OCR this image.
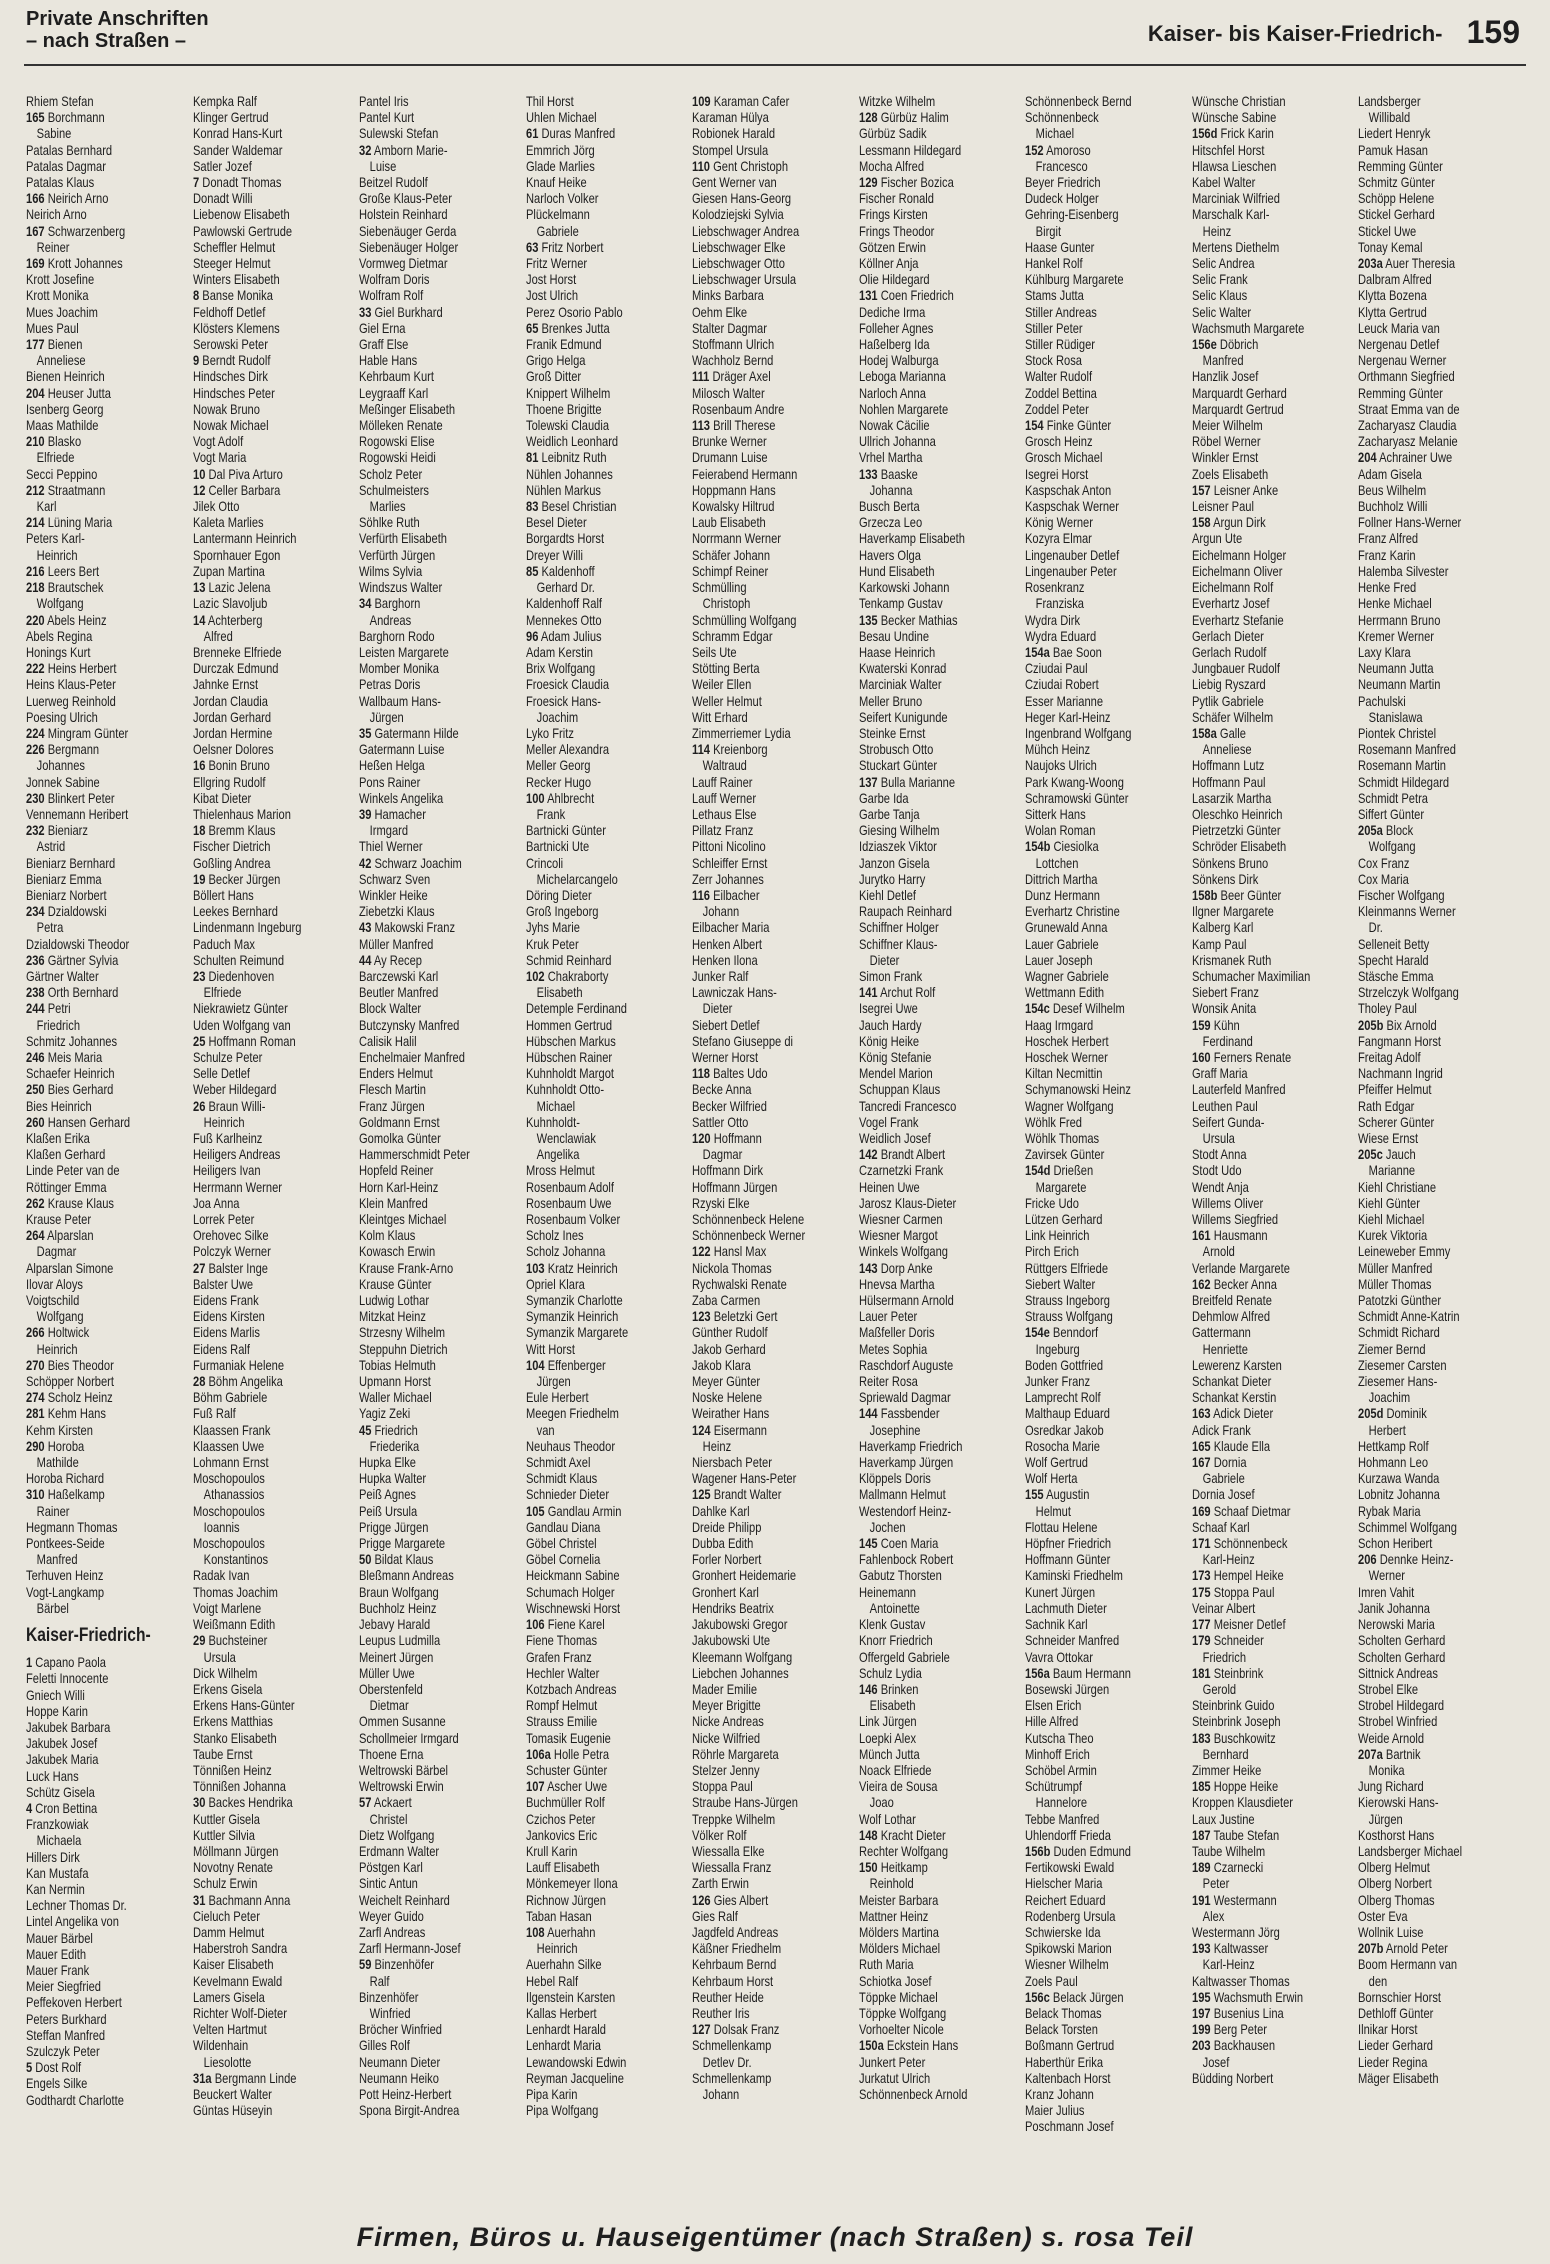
Private Anschriften
– nach Straßen –	Kaiser- bis Kaiser-Friedrich- 159
Rhiem Stefan
165 Borchmann
Sabine
Patalas Bernhard
Patalas Dagmar
Patalas Klaus
166 Neirich Arno
Neirich Arno
167 Schwarzenberg
Reiner
169 Krott Johannes
Krott Josefine
Krott Monika
Mues Joachim
Mues Paul
177 Bienen
Anneliese
Bienen Heinrich
204 Heuser Jutta
Isenberg Georg
Maas Mathilde
210 Blasko
Elfriede
Secci Peppino
212 Straatmann
Karl
214 Lüning Maria
Peters Karl-
Heinrich
216 Leers Bert
218 Brautschek
Wolfgang
220 Abels Heinz
Abels Regina
Honings Kurt
222 Heins Herbert
Heins Klaus-Peter
Luerweg Reinhold
Poesing Ulrich
224 Mingram Günter
226 Bergmann
Johannes
Jonnek Sabine
230 Blinkert Peter
Vennemann Heribert
232 Bieniarz
Astrid
Bieniarz Bernhard
Bieniarz Emma
Bieniarz Norbert
234 Dzialdowski
Petra
Dzialdowski Theodor
236 Gärtner Sylvia
Gärtner Walter
238 Orth Bernhard
244 Petri
Friedrich
Schmitz Johannes
246 Meis Maria
Schaefer Heinrich
250 Bies Gerhard
Bies Heinrich
260 Hansen Gerhard
Klaßen Erika
Klaßen Gerhard
Linde Peter van de
Röttinger Emma
262 Krause Klaus
Krause Peter
264 Alparslan
Dagmar
Alparslan Simone
Ilovar Aloys
Voigtschild
Wolfgang
266 Holtwick
Heinrich
270 Bies Theodor
Schöpper Norbert
274 Scholz Heinz
281 Kehm Hans
Kehm Kirsten
290 Horoba
Mathilde
Horoba Richard
310 Haßelkamp
Rainer
Hegmann Thomas
Pontkees-Seide
Manfred
Terhuven Heinz
Vogt-Langkamp
Bärbel
Kaiser-Friedrich-
1 Capano Paola
Feletti Innocente
Gniech Willi
Hoppe Karin
Jakubek Barbara
Jakubek Josef
Jakubek Maria
Luck Hans
Schütz Gisela
4 Cron Bettina
Franzkowiak
Michaela
Hillers Dirk
Kan Mustafa
Kan Nermin
Lechner Thomas Dr.
Lintel Angelika von
Mauer Bärbel
Mauer Edith
Mauer Frank
Meier Siegfried
Peffekoven Herbert
Peters Burkhard
Steffan Manfred
Szulczyk Peter
5 Dost Rolf
Engels Silke
Godthardt Charlotte
Kempka Ralf
Klinger Gertrud
Konrad Hans-Kurt
Sander Waldemar
Satler Jozef
7 Donadt Thomas
Donadt Willi
Liebenow Elisabeth
Pawlowski Gertrude
Scheffler Helmut
Steeger Helmut
Winters Elisabeth
8 Banse Monika
Feldhoff Detlef
Klösters Klemens
Serowski Peter
9 Berndt Rudolf
Hindsches Dirk
Hindsches Peter
Nowak Bruno
Nowak Michael
Vogt Adolf
Vogt Maria
10 Dal Piva Arturo
12 Celler Barbara
Jilek Otto
Kaleta Marlies
Lantermann Heinrich
Spornhauer Egon
Zupan Martina
13 Lazic Jelena
Lazic Slavoljub
14 Achterberg
Alfred
Brenneke Elfriede
Durczak Edmund
Jahnke Ernst
Jordan Claudia
Jordan Gerhard
Jordan Hermine
Oelsner Dolores
16 Bonin Bruno
Ellgring Rudolf
Kibat Dieter
Thielenhaus Marion
18 Bremm Klaus
Fischer Dietrich
Goßling Andrea
19 Becker Jürgen
Böllert Hans
Leekes Bernhard
Lindenmann Ingeburg
Paduch Max
Schulten Reimund
23 Diedenhoven
Elfriede
Niekrawietz Günter
Uden Wolfgang van
25 Hoffmann Roman
Schulze Peter
Selle Detlef
Weber Hildegard
26 Braun Willi-
Heinrich
Fuß Karlheinz
Heiligers Andreas
Heiligers Ivan
Herrmann Werner
Joa Anna
Lorrek Peter
Orehovec Silke
Polczyk Werner
27 Balster Inge
Balster Uwe
Eidens Frank
Eidens Kirsten
Eidens Marlis
Eidens Ralf
Furmaniak Helene
28 Böhm Angelika
Böhm Gabriele
Fuß Ralf
Klaassen Frank
Klaassen Uwe
Lohmann Ernst
Moschopoulos
Athanassios
Moschopoulos
Ioannis
Moschopoulos
Konstantinos
Radak Ivan
Thomas Joachim
Voigt Marlene
Weißmann Edith
29 Buchsteiner
Ursula
Dick Wilhelm
Erkens Gisela
Erkens Hans-Günter
Erkens Matthias
Stanko Elisabeth
Taube Ernst
Tönnißen Heinz
Tönnißen Johanna
30 Backes Hendrika
Kuttler Gisela
Kuttler Silvia
Möllmann Jürgen
Novotny Renate
Schulz Erwin
31 Bachmann Anna
Cieluch Peter
Damm Helmut
Haberstroh Sandra
Kaiser Elisabeth
Kevelmann Ewald
Lamers Gisela
Richter Wolf-Dieter
Velten Hartmut
Wildenhain
Liesolotte
31a Bergmann Linde
Beuckert Walter
Güntas Hüseyin
Pantel Iris
Pantel Kurt
Sulewski Stefan
32 Amborn Marie-
Luise
Beitzel Rudolf
Große Klaus-Peter
Holstein Reinhard
Siebenäuger Gerda
Siebenäuger Holger
Vormweg Dietmar
Wolfram Doris
Wolfram Rolf
33 Giel Burkhard
Giel Erna
Graff Else
Hable Hans
Kehrbaum Kurt
Leygraaff Karl
Meßinger Elisabeth
Mölleken Renate
Rogowski Elise
Rogowski Heidi
Scholz Peter
Schulmeisters
Marlies
Söhlke Ruth
Verfürth Elisabeth
Verfürth Jürgen
Wilms Sylvia
Windszus Walter
34 Barghorn
Andreas
Barghorn Rodo
Leisten Margarete
Momber Monika
Petras Doris
Wallbaum Hans-
Jürgen
35 Gatermann Hilde
Gatermann Luise
Heßen Helga
Pons Rainer
Winkels Angelika
39 Hamacher
Irmgard
Thiel Werner
42 Schwarz Joachim
Schwarz Sven
Winkler Heike
Ziebetzki Klaus
43 Makowski Franz
Müller Manfred
44 Ay Recep
Barczewski Karl
Beutler Manfred
Block Walter
Butczynsky Manfred
Calisik Halil
Enchelmaier Manfred
Enders Helmut
Flesch Martin
Franz Jürgen
Goldmann Ernst
Gomolka Günter
Hammerschmidt Peter
Hopfeld Reiner
Horn Karl-Heinz
Klein Manfred
Kleintges Michael
Kolm Klaus
Kowasch Erwin
Krause Frank-Arno
Krause Günter
Ludwig Lothar
Mitzkat Heinz
Strzesny Wilhelm
Steppuhn Dietrich
Tobias Helmuth
Upmann Horst
Waller Michael
Yagiz Zeki
45 Friedrich
Friederika
Hupka Elke
Hupka Walter
Peiß Agnes
Peiß Ursula
Prigge Jürgen
Prigge Margarete
50 Bildat Klaus
Bleßmann Andreas
Braun Wolfgang
Buchholz Heinz
Jebavy Harald
Leupus Ludmilla
Meinert Jürgen
Müller Uwe
Oberstenfeld
Dietmar
Ommen Susanne
Schollmeier Irmgard
Thoene Erna
Weltrowski Bärbel
Weltrowski Erwin
57 Ackaert
Christel
Dietz Wolfgang
Erdmann Walter
Pöstgen Karl
Sintic Antun
Weichelt Reinhard
Weyer Guido
Zarfl Andreas
Zarfl Hermann-Josef
59 Binzenhöfer
Ralf
Binzenhöfer
Winfried
Bröcher Winfried
Gilles Rolf
Neumann Dieter
Neumann Heiko
Pott Heinz-Herbert
Spona Birgit-Andrea
Thil Horst
Uhlen Michael
61 Duras Manfred
Emmrich Jörg
Glade Marlies
Knauf Heike
Narloch Volker
Plückelmann
Gabriele
63 Fritz Norbert
Fritz Werner
Jost Horst
Jost Ulrich
Perez Osorio Pablo
65 Brenkes Jutta
Franik Edmund
Grigo Helga
Groß Ditter
Knippert Wilhelm
Thoene Brigitte
Tolewski Claudia
Weidlich Leonhard
81 Leibnitz Ruth
Nühlen Johannes
Nühlen Markus
83 Besel Christian
Besel Dieter
Borgardts Horst
Dreyer Willi
85 Kaldenhoff
Gerhard Dr.
Kaldenhoff Ralf
Mennekes Otto
96 Adam Julius
Adam Kerstin
Brix Wolfgang
Froesick Claudia
Froesick Hans-
Joachim
Lyko Fritz
Meller Alexandra
Meller Georg
Recker Hugo
100 Ahlbrecht
Frank
Bartnicki Günter
Bartnicki Ute
Crincoli
Michelarcangelo
Döring Dieter
Groß Ingeborg
Jyhs Marie
Kruk Peter
Schmid Reinhard
102 Chakraborty
Elisabeth
Detemple Ferdinand
Hommen Gertrud
Hübschen Markus
Hübschen Rainer
Kuhnholdt Margot
Kuhnholdt Otto-
Michael
Kuhnholdt-
Wenclawiak
Angelika
Mross Helmut
Rosenbaum Adolf
Rosenbaum Uwe
Rosenbaum Volker
Scholz Ines
Scholz Johanna
103 Kratz Heinrich
Opriel Klara
Symanzik Charlotte
Symanzik Heinrich
Symanzik Margarete
Witt Horst
104 Effenberger
Jürgen
Eule Herbert
Meegen Friedhelm
van
Neuhaus Theodor
Schmidt Axel
Schmidt Klaus
Schnieder Dieter
105 Gandlau Armin
Gandlau Diana
Göbel Christel
Göbel Cornelia
Heickmann Sabine
Schumach Holger
Wischnewski Horst
106 Fiene Karel
Fiene Thomas
Grafen Franz
Hechler Walter
Kotzbach Andreas
Rompf Helmut
Strauss Emilie
Tomasik Eugenie
106a Holle Petra
Schuster Günter
107 Ascher Uwe
Buchmüller Rolf
Czichos Peter
Jankovics Eric
Krull Karin
Lauff Elisabeth
Mönkemeyer Ilona
Richnow Jürgen
Taban Hasan
108 Auerhahn
Heinrich
Auerhahn Silke
Hebel Ralf
Ilgenstein Karsten
Kallas Herbert
Lenhardt Harald
Lenhardt Maria
Lewandowski Edwin
Reyman Jacqueline
Pipa Karin
Pipa Wolfgang
109 Karaman Cafer
Karaman Hülya
Robionek Harald
Stompel Ursula
110 Gent Christoph
Gent Werner van
Giesen Hans-Georg
Kolodziejski Sylvia
Liebschwager Andrea
Liebschwager Elke
Liebschwager Otto
Liebschwager Ursula
Minks Barbara
Oehm Elke
Stalter Dagmar
Stoffmann Ulrich
Wachholz Bernd
111 Dräger Axel
Milosch Walter
Rosenbaum Andre
113 Brill Therese
Brunke Werner
Drumann Luise
Feierabend Hermann
Hoppmann Hans
Kowalsky Hiltrud
Laub Elisabeth
Norrmann Werner
Schäfer Johann
Schimpf Reiner
Schmülling
Christoph
Schmülling Wolfgang
Schramm Edgar
Seils Ute
Stötting Berta
Weiler Ellen
Weller Helmut
Witt Erhard
Zimmerriemer Lydia
114 Kreienborg
Waltraud
Lauff Rainer
Lauff Werner
Lethaus Else
Pillatz Franz
Pittoni Nicolino
Schleiffer Ernst
Zerr Johannes
116 Eilbacher
Johann
Eilbacher Maria
Henken Albert
Henken Ilona
Junker Ralf
Lawniczak Hans-
Dieter
Siebert Detlef
Stefano Giuseppe di
Werner Horst
118 Baltes Udo
Becke Anna
Becker Wilfried
Sattler Otto
120 Hoffmann
Dagmar
Hoffmann Dirk
Hoffmann Jürgen
Rzyski Elke
Schönnenbeck Helene
Schönnenbeck Werner
122 Hansl Max
Nickola Thomas
Rychwalski Renate
Zaba Carmen
123 Beletzki Gert
Günther Rudolf
Jakob Gerhard
Jakob Klara
Meyer Günter
Noske Helene
Weirather Hans
124 Eisermann
Heinz
Niersbach Peter
Wagener Hans-Peter
125 Brandt Walter
Dahlke Karl
Dreide Philipp
Dubba Edith
Forler Norbert
Gronhert Heidemarie
Gronhert Karl
Hendriks Beatrix
Jakubowski Gregor
Jakubowski Ute
Kleemann Wolfgang
Liebchen Johannes
Mader Emilie
Meyer Brigitte
Nicke Andreas
Nicke Wilfried
Röhrle Margareta
Stelzer Jenny
Stoppa Paul
Straube Hans-Jürgen
Treppke Wilhelm
Völker Rolf
Wiessalla Elke
Wiessalla Franz
Zarth Erwin
126 Gies Albert
Gies Ralf
Jagdfeld Andreas
Käßner Friedhelm
Kehrbaum Bernd
Kehrbaum Horst
Reuther Heide
Reuther Iris
127 Dolsak Franz
Schmellenkamp
Detlev Dr.
Schmellenkamp
Johann
Witzke Wilhelm
128 Gürbüz Halim
Gürbüz Sadik
Lessmann Hildegard
Mocha Alfred
129 Fischer Bozica
Fischer Ronald
Frings Kirsten
Frings Theodor
Götzen Erwin
Köllner Anja
Olie Hildegard
131 Coen Friedrich
Dediche Irma
Folleher Agnes
Haßelberg Ida
Hodej Walburga
Leboga Marianna
Narloch Anna
Nohlen Margarete
Nowak Cäcilie
Ullrich Johanna
Vrhel Martha
133 Baaske
Johanna
Busch Berta
Grzecza Leo
Haverkamp Elisabeth
Havers Olga
Hund Elisabeth
Karkowski Johann
Tenkamp Gustav
135 Becker Mathias
Besau Undine
Haase Heinrich
Kwaterski Konrad
Marciniak Walter
Meller Bruno
Seifert Kunigunde
Steinke Ernst
Strobusch Otto
Stuckart Günter
137 Bulla Marianne
Garbe Ida
Garbe Tanja
Giesing Wilhelm
Idziaszek Viktor
Janzon Gisela
Jurytko Harry
Kiehl Detlef
Raupach Reinhard
Schiffner Holger
Schiffner Klaus-
Dieter
Simon Frank
141 Archut Rolf
Isegrei Uwe
Jauch Hardy
König Heike
König Stefanie
Mendel Marion
Schuppan Klaus
Tancredi Francesco
Vogel Frank
Weidlich Josef
142 Brandt Albert
Czarnetzki Frank
Heinen Uwe
Jarosz Klaus-Dieter
Wiesner Carmen
Wiesner Margot
Winkels Wolfgang
143 Dorp Anke
Hnevsa Martha
Hülsermann Arnold
Lauer Peter
Maßfeller Doris
Metes Sophia
Raschdorf Auguste
Reiter Rosa
Spriewald Dagmar
144 Fassbender
Josephine
Haverkamp Friedrich
Haverkamp Jürgen
Klöppels Doris
Mallmann Helmut
Westendorf Heinz-
Jochen
145 Coen Maria
Fahlenbock Robert
Gabutz Thorsten
Heinemann
Antoinette
Klenk Gustav
Knorr Friedrich
Offergeld Gabriele
Schulz Lydia
146 Brinken
Elisabeth
Link Jürgen
Loepki Alex
Münch Jutta
Noack Elfriede
Vieira de Sousa
Joao
Wolf Lothar
148 Kracht Dieter
Rechter Wolfgang
150 Heitkamp
Reinhold
Meister Barbara
Mattner Heinz
Mölders Martina
Mölders Michael
Ruth Maria
Schiotka Josef
Töppke Michael
Töppke Wolfgang
Vorhoelter Nicole
150a Eckstein Hans
Junkert Peter
Jurkatut Ulrich
Schönnenbeck Arnold
Schönnenbeck Bernd
Schönnenbeck
Michael
152 Amoroso
Francesco
Beyer Friedrich
Dudeck Holger
Gehring-Eisenberg
Birgit
Haase Gunter
Hankel Rolf
Kühlburg Margarete
Stams Jutta
Stiller Andreas
Stiller Peter
Stiller Rüdiger
Stock Rosa
Walter Rudolf
Zoddel Bettina
Zoddel Peter
154 Finke Günter
Grosch Heinz
Grosch Michael
Isegrei Horst
Kaspschak Anton
Kaspschak Werner
König Werner
Kozyra Elmar
Lingenauber Detlef
Lingenauber Peter
Rosenkranz
Franziska
Wydra Dirk
Wydra Eduard
154a Bae Soon
Cziudai Paul
Cziudai Robert
Esser Marianne
Heger Karl-Heinz
Ingenbrand Wolfgang
Mühch Heinz
Naujoks Ulrich
Park Kwang-Woong
Schramowski Günter
Sitterk Hans
Wolan Roman
154b Ciesiolka
Lottchen
Dittrich Martha
Dunz Hermann
Everhartz Christine
Grunewald Anna
Lauer Gabriele
Lauer Joseph
Wagner Gabriele
Wettmann Edith
154c Desef Wilhelm
Haag Irmgard
Hoschek Herbert
Hoschek Werner
Kiltan Necmittin
Schymanowski Heinz
Wagner Wolfgang
Wöhlk Fred
Wöhlk Thomas
Zavirsek Günter
154d Drießen
Margarete
Fricke Udo
Lützen Gerhard
Link Heinrich
Pirch Erich
Rüttgers Elfriede
Siebert Walter
Strauss Ingeborg
Strauss Wolfgang
154e Benndorf
Ingeburg
Boden Gottfried
Junker Franz
Lamprecht Rolf
Malthaup Eduard
Osredkar Jakob
Rosocha Marie
Wolf Gertrud
Wolf Herta
155 Augustin
Helmut
Flottau Helene
Höpfner Friedrich
Hoffmann Günter
Kaminski Friedhelm
Kunert Jürgen
Lachmuth Dieter
Sachnik Karl
Schneider Manfred
Vavra Ottokar
156a Baum Hermann
Bosewski Jürgen
Elsen Erich
Hille Alfred
Kutscha Theo
Minhoff Erich
Schöbel Armin
Schütrumpf
Hannelore
Tebbe Manfred
Uhlendorff Frieda
156b Duden Edmund
Fertikowski Ewald
Hielscher Maria
Reichert Eduard
Rodenberg Ursula
Schwierske Ida
Spikowski Marion
Wiesner Wilhelm
Zoels Paul
156c Belack Jürgen
Belack Thomas
Belack Torsten
Boßmann Gertrud
Haberthür Erika
Kaltenbach Horst
Kranz Johann
Maier Julius
Poschmann Josef
Wünsche Christian
Wünsche Sabine
156d Frick Karin
Hitschfel Horst
Hlawsa Lieschen
Kabel Walter
Marciniak Wilfried
Marschalk Karl-
Heinz
Mertens Diethelm
Selic Andrea
Selic Frank
Selic Klaus
Selic Walter
Wachsmuth Margarete
156e Döbrich
Manfred
Hanzlik Josef
Marquardt Gerhard
Marquardt Gertrud
Meier Wilhelm
Röbel Werner
Winkler Ernst
Zoels Elisabeth
157 Leisner Anke
Leisner Paul
158 Argun Dirk
Argun Ute
Eichelmann Holger
Eichelmann Oliver
Eichelmann Rolf
Everhartz Josef
Everhartz Stefanie
Gerlach Dieter
Gerlach Rudolf
Jungbauer Rudolf
Liebig Ryszard
Pytlik Gabriele
Schäfer Wilhelm
158a Galle
Anneliese
Hoffmann Lutz
Hoffmann Paul
Lasarzik Martha
Oleschko Heinrich
Pietrzetzki Günter
Schröder Elisabeth
Sönkens Bruno
Sönkens Dirk
158b Beer Günter
Ilgner Margarete
Kalberg Karl
Kamp Paul
Krismanek Ruth
Schumacher Maximilian
Siebert Franz
Wonsik Anita
159 Kühn
Ferdinand
160 Ferners Renate
Graff Maria
Lauterfeld Manfred
Leuthen Paul
Seifert Gunda-
Ursula
Stodt Anna
Stodt Udo
Wendt Anja
Willems Oliver
Willems Siegfried
161 Hausmann
Arnold
Verlande Margarete
162 Becker Anna
Breitfeld Renate
Dehmlow Alfred
Gattermann
Henriette
Lewerenz Karsten
Schankat Dieter
Schankat Kerstin
163 Adick Dieter
Adick Frank
165 Klaude Ella
167 Dornia
Gabriele
Dornia Josef
169 Schaaf Dietmar
Schaaf Karl
171 Schönnenbeck
Karl-Heinz
173 Hempel Heike
175 Stoppa Paul
Veinar Albert
177 Meisner Detlef
179 Schneider
Friedrich
181 Steinbrink
Gerold
Steinbrink Guido
Steinbrink Joseph
183 Buschkowitz
Bernhard
Zimmer Heike
185 Hoppe Heike
Kroppen Klausdieter
Laux Justine
187 Taube Stefan
Taube Wilhelm
189 Czarnecki
Peter
191 Westermann
Alex
Westermann Jörg
193 Kaltwasser
Karl-Heinz
Kaltwasser Thomas
195 Wachsmuth Erwin
197 Busenius Lina
199 Berg Peter
203 Backhausen
Josef
Büdding Norbert
Landsberger
Willibald
Liedert Henryk
Pamuk Hasan
Remming Günter
Schmitz Günter
Schöpp Helene
Stickel Gerhard
Stickel Uwe
Tonay Kemal
203a Auer Theresia
Dalbram Alfred
Klytta Bozena
Klytta Gertrud
Leuck Maria van
Nergenau Detlef
Nergenau Werner
Orthmann Siegfried
Remming Günter
Straat Emma van de
Zacharyasz Claudia
Zacharyasz Melanie
204 Achrainer Uwe
Adam Gisela
Beus Wilhelm
Buchholz Willi
Follner Hans-Werner
Franz Alfred
Franz Karin
Halemba Silvester
Henke Fred
Henke Michael
Herrmann Bruno
Kremer Werner
Laxy Klara
Neumann Jutta
Neumann Martin
Pachulski
Stanislawa
Piontek Christel
Rosemann Manfred
Rosemann Martin
Schmidt Hildegard
Schmidt Petra
Siffert Günter
205a Block
Wolfgang
Cox Franz
Cox Maria
Fischer Wolfgang
Kleinmanns Werner
Dr.
Selleneit Betty
Specht Harald
Stäsche Emma
Strzelczyk Wolfgang
Tholey Paul
205b Bix Arnold
Fangmann Horst
Freitag Adolf
Nachmann Ingrid
Pfeiffer Helmut
Rath Edgar
Scherer Günter
Wiese Ernst
205c Jauch
Marianne
Kiehl Christiane
Kiehl Günter
Kiehl Michael
Kurek Viktoria
Leineweber Emmy
Müller Manfred
Müller Thomas
Patotzki Günther
Schmidt Anne-Katrin
Schmidt Richard
Ziemer Bernd
Ziesemer Carsten
Ziesemer Hans-
Joachim
205d Dominik
Herbert
Hettkamp Rolf
Hohmann Leo
Kurzawa Wanda
Lobnitz Johanna
Rybak Maria
Schimmel Wolfgang
Schon Heribert
206 Dennke Heinz-
Werner
Imren Vahit
Janik Johanna
Nerowski Maria
Scholten Gerhard
Scholten Gerhard
Sittnick Andreas
Strobel Elke
Strobel Hildegard
Strobel Winfried
Weide Arnold
207a Bartnik
Monika
Jung Richard
Kierowski Hans-
Jürgen
Kosthorst Hans
Landsberger Michael
Olberg Helmut
Olberg Norbert
Olberg Thomas
Oster Eva
Wollnik Luise
207b Arnold Peter
Boom Hermann van
den
Bornschier Horst
Dethloff Günter
Ilnikar Horst
Lieder Gerhard
Lieder Regina
Mäger Elisabeth
Firmen, Büros u. Hauseigentümer (nach Straßen) s. rosa Teil
